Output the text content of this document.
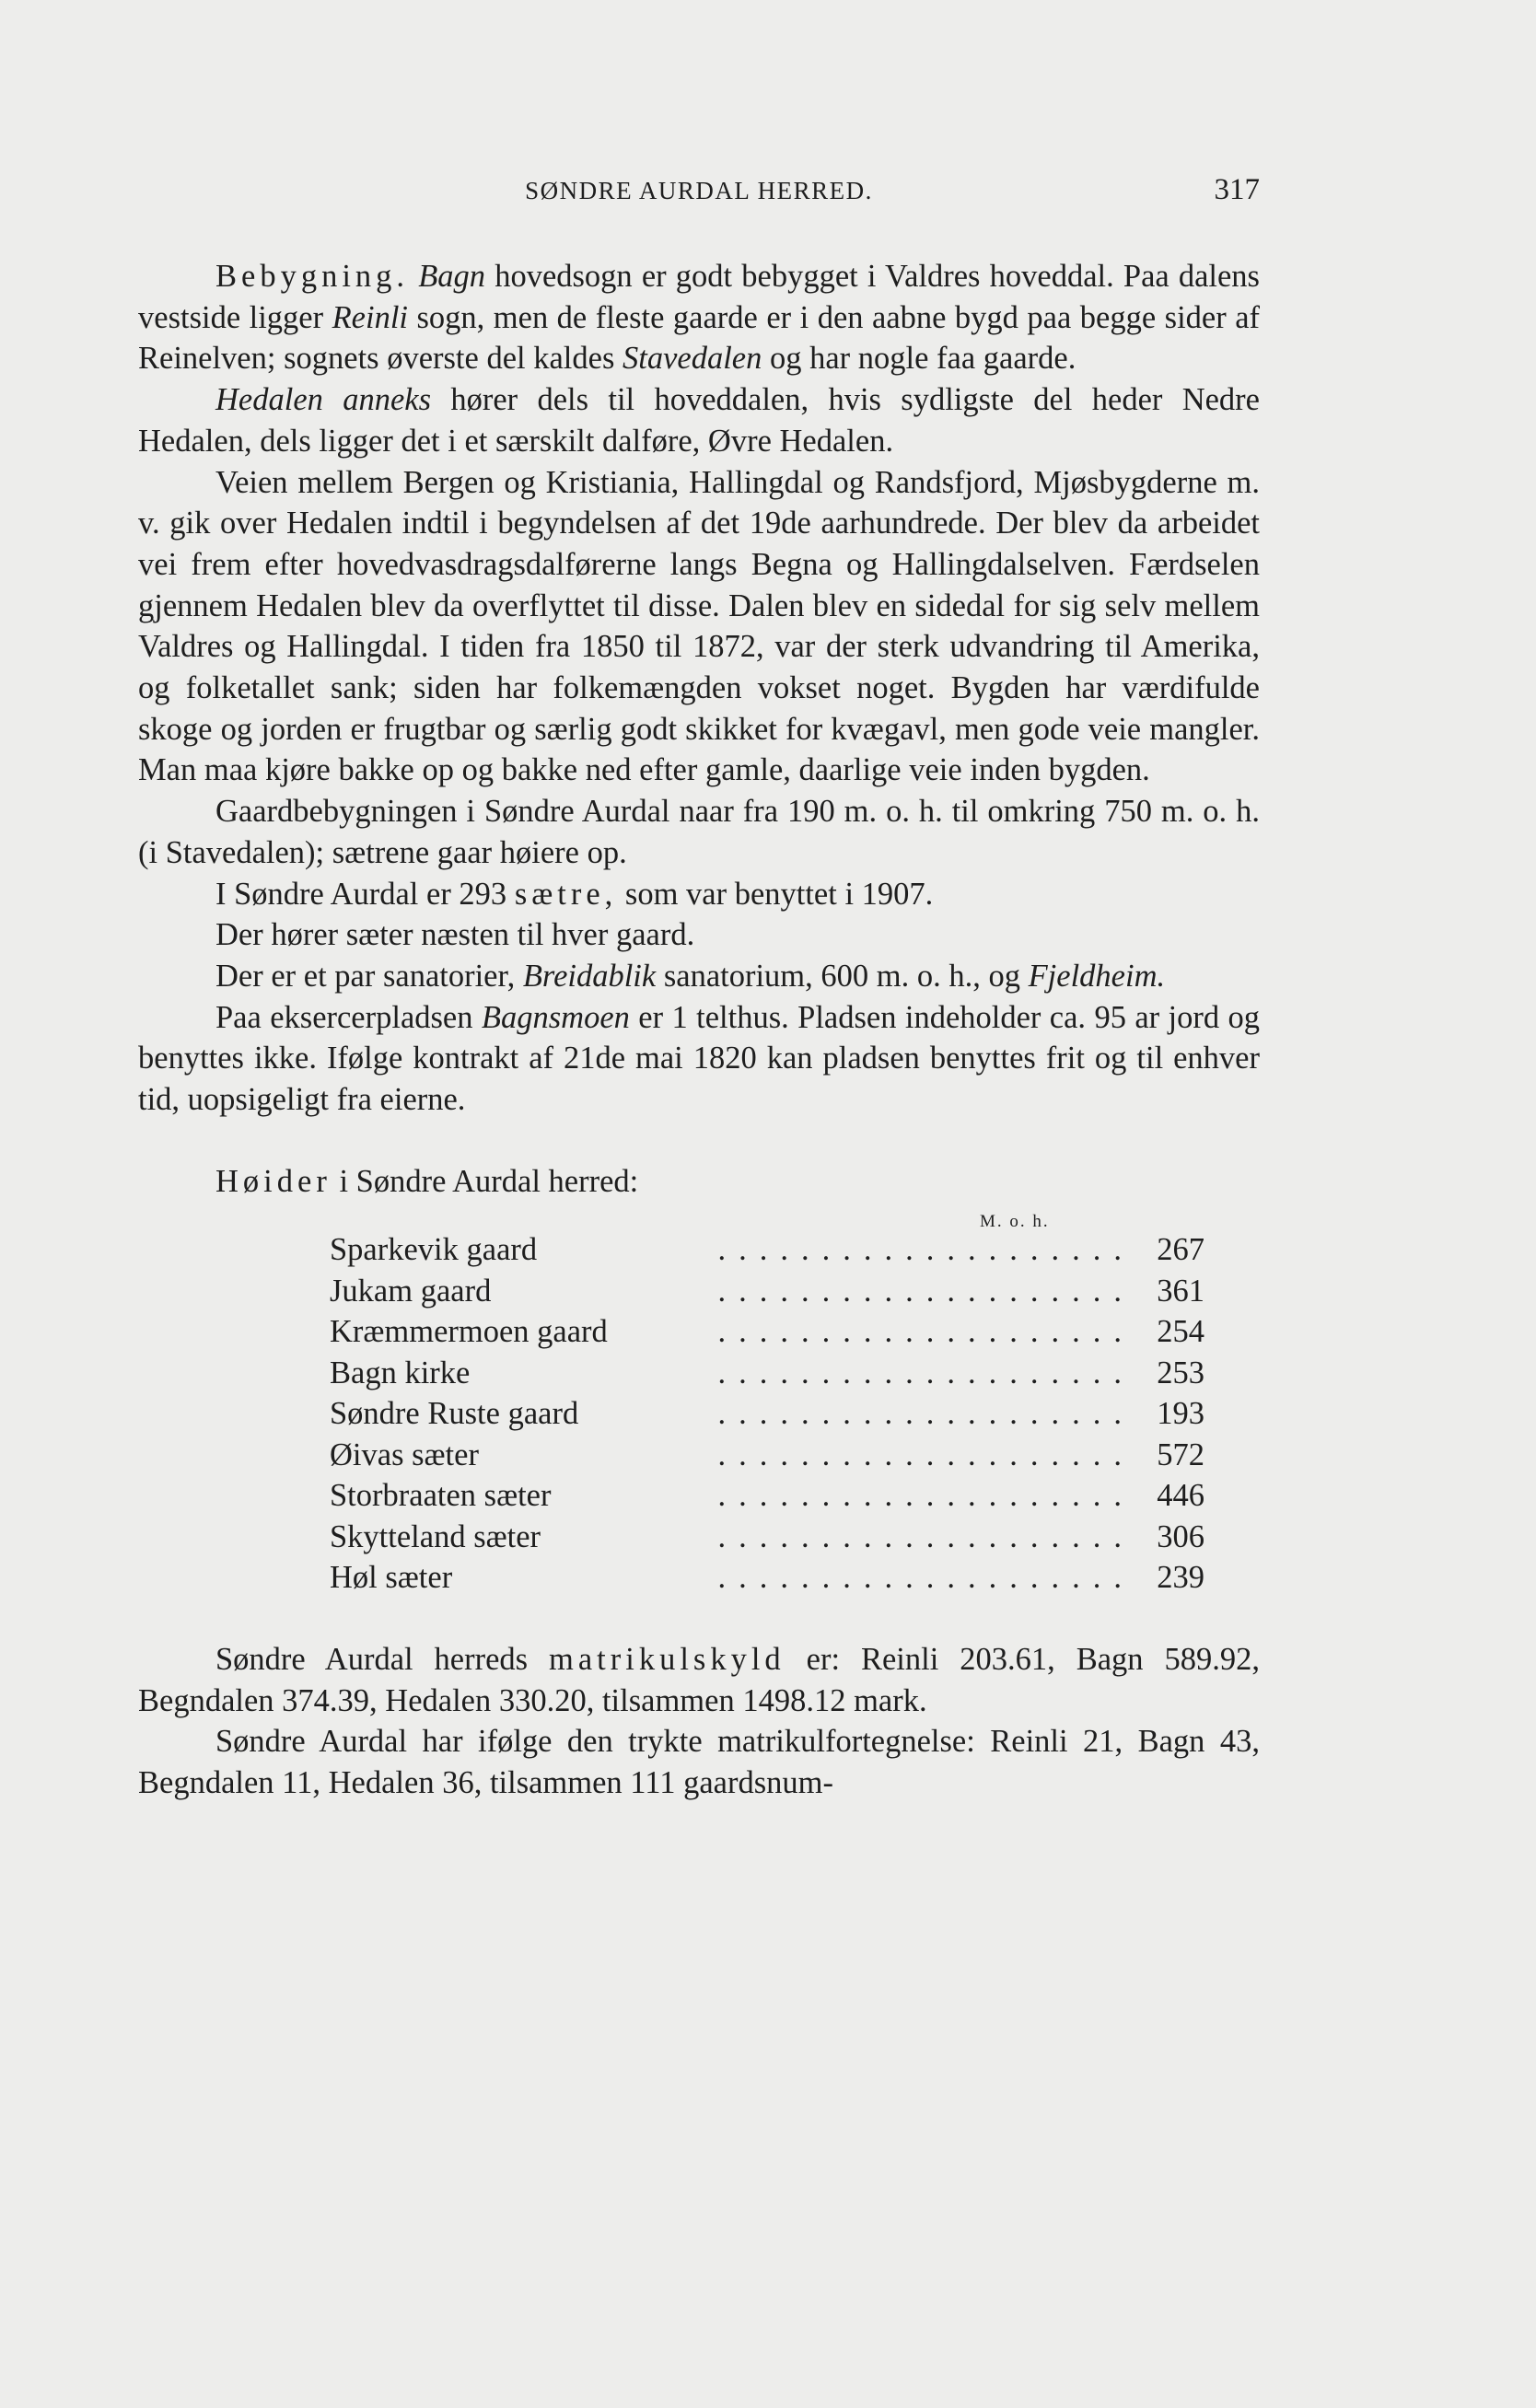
SØNDRE AURDAL HERRED.	317

Bebygning. Bagn hovedsogn er godt bebygget i Valdres hoveddal. Paa dalens vestside ligger Reinli sogn, men de fleste gaarde er i den aabne bygd paa begge sider af Reinelven; sognets øverste del kaldes Stavedalen og har nogle faa gaarde.

Hedalen anneks hører dels til hoveddalen, hvis sydligste del heder Nedre Hedalen, dels ligger det i et særskilt dalføre, Øvre Hedalen.

Veien mellem Bergen og Kristiania, Hallingdal og Randsfjord, Mjøsbygderne m. v. gik over Hedalen indtil i begyndelsen af det 19de aarhundrede. Der blev da arbeidet vei frem efter hovedvasdragsdalførerne langs Begna og Hallingdalselven. Færdselen gjennem Hedalen blev da overflyttet til disse. Dalen blev en sidedal for sig selv mellem Valdres og Hallingdal. I tiden fra 1850 til 1872, var der sterk udvandring til Amerika, og folketallet sank; siden har folkemængden vokset noget. Bygden har værdifulde skoge og jorden er frugtbar og særlig godt skikket for kvægavl, men gode veie mangler. Man maa kjøre bakke op og bakke ned efter gamle, daarlige veie inden bygden.

Gaardbebygningen i Søndre Aurdal naar fra 190 m. o. h. til omkring 750 m. o. h. (i Stavedalen); sætrene gaar høiere op.

I Søndre Aurdal er 293 sætre, som var benyttet i 1907.

Der hører sæter næsten til hver gaard.

Der er et par sanatorier, Breidablik sanatorium, 600 m. o. h., og Fjeldheim.

Paa eksercerpladsen Bagnsmoen er 1 telthus. Pladsen indeholder ca. 95 ar jord og benyttes ikke. Ifølge kontrakt af 21de mai 1820 kan pladsen benyttes frit og til enhver tid, uopsigeligt fra eierne.

Høider i Søndre Aurdal herred:

M. o. h.
Sparkevik gaard	.................... 267
Jukam gaard	.................... 361
Kræmmermoen gaard	.................... 254
Bagn kirke	.................... 253
Søndre Ruste gaard	.................... 193
Øivas sæter	.................... 572
Storbraaten sæter	.................... 446
Skytteland sæter	.................... 306
Høl sæter	.................... 239

Søndre Aurdal herreds matrikulskyld er: Reinli 203.61, Bagn 589.92, Begndalen 374.39, Hedalen 330.20, tilsammen 1498.12 mark.

Søndre Aurdal har ifølge den trykte matrikulfortegnelse: Reinli 21, Bagn 43, Begndalen 11, Hedalen 36, tilsammen 111 gaardsnum-
